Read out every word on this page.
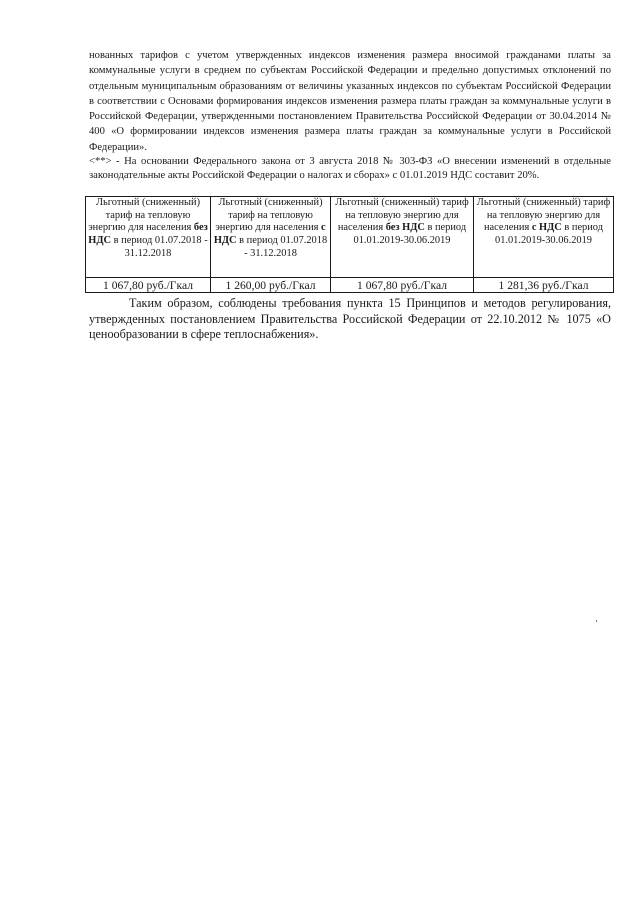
нованных тарифов с учетом утвержденных индексов изменения размера вносимой гражданами платы за коммунальные услуги в среднем по субъектам Российской Федерации и предельно допустимых отклонений по отдельным муниципальным образованиям от величины указанных индексов по субъектам Российской Федерации в соответствии с Основами формирования индексов изменения размера платы граждан за коммунальные услуги в Российской Федерации, утвержденными постановлением Правительства Российской Федерации от 30.04.2014 № 400 «О формировании индексов изменения размера платы граждан за коммунальные услуги в Российской Федерации».
<**> - На основании Федерального закона от 3 августа 2018 № 303-ФЗ «О внесении изменений в отдельные законодательные акты Российской Федерации о налогах и сборах» с 01.01.2019 НДС составит 20%.
Льготный (сниженный) тариф на тепловую энергию для населения без НДС в период 01.07.2018 - 31.12.2018	Льготный (сниженный) тариф на тепловую энергию для населения с НДС в период 01.07.2018 - 31.12.2018	Льготный (сниженный) тариф на тепловую энергию для населения без НДС в период 01.01.2019-30.06.2019	Льготный (сниженный) тариф на тепловую энергию для населения с НДС в период 01.01.2019-30.06.2019
1 067,80 руб./Гкал	1 260,00 руб./Гкал	1 067,80 руб./Гкал	1 281,36 руб./Гкал
Таким образом, соблюдены требования пункта 15 Принципов и методов регулирования, утвержденных постановлением Правительства Российской Федерации от 22.10.2012 № 1075 «О ценообразовании в сфере теплоснабжения».
